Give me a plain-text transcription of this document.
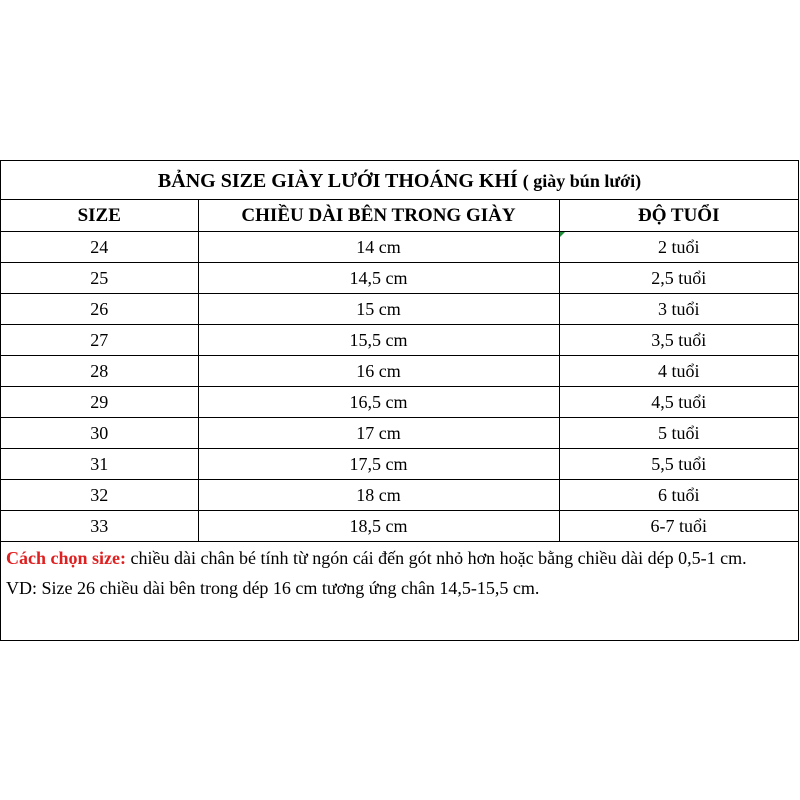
BẢNG SIZE GIÀY LƯỚI THOÁNG KHÍ ( giày bún lưới)
SIZE	CHIỀU DÀI BÊN TRONG GIÀY	ĐỘ TUỔI
24	14 cm	2 tuổi
25	14,5 cm	2,5 tuổi
26	15 cm	3 tuổi
27	15,5 cm	3,5 tuổi
28	16 cm	4 tuổi
29	16,5 cm	4,5 tuổi
30	17 cm	5 tuổi
31	17,5 cm	5,5 tuổi
32	18 cm	6 tuổi
33	18,5 cm	6-7 tuổi
Cách chọn size: chiều dài chân bé tính từ ngón cái đến gót nhỏ hơn hoặc bằng chiều dài dép 0,5-1 cm.
VD: Size 26 chiều dài bên trong dép 16 cm tương ứng chân 14,5-15,5 cm.
